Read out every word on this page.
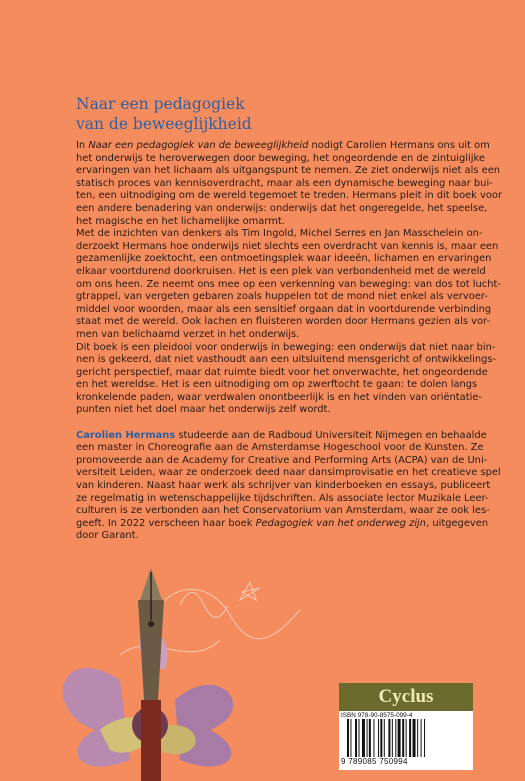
Naar een pedagogiek
van de beweeglijkheid
In Naar een pedagogiek van de beweeglijkheid nodigt Carolien Hermans ons uit om
het onderwijs te heroverwegen door beweging, het ongeordende en de zintuiglijke
ervaringen van het lichaam als uitgangspunt te nemen. Ze ziet onderwijs niet als een
statisch proces van kennisoverdracht, maar als een dynamische beweging naar bui-
ten, een uitnodiging om de wereld tegemoet te treden. Hermans pleit in dit boek voor
een andere benadering van onderwijs: onderwijs dat het ongeregelde, het speelse,
het magische en het lichamelijke omarmt.
Met de inzichten van denkers als Tim Ingold, Michel Serres en Jan Masschelein on-
derzoekt Hermans hoe onderwijs niet slechts een overdracht van kennis is, maar een
gezamenlijke zoektocht, een ontmoetingsplek waar ideeën, lichamen en ervaringen
elkaar voortdurend doorkruisen. Het is een plek van verbondenheid met de wereld
om ons heen. Ze neemt ons mee op een verkenning van beweging: van dos tot lucht-
gtrappel, van vergeten gebaren zoals huppelen tot de mond niet enkel als vervoer-
middel voor woorden, maar als een sensitief orgaan dat in voortdurende verbinding
staat met de wereld. Ook lachen en fluisteren worden door Hermans gezien als vor-
men van belichaamd verzet in het onderwijs.
Dit boek is een pleidooi voor onderwijs in beweging: een onderwijs dat niet naar bin-
nen is gekeerd, dat niet vasthoudt aan een uitsluitend mensgericht of ontwikkelings-
gericht perspectief, maar dat ruimte biedt voor het onverwachte, het ongeordende
en het wereldse. Het is een uitnodiging om op zwerftocht te gaan: te dolen langs
kronkelende paden, waar verdwalen onontbeerlijk is en het vinden van oriëntatie-
punten niet het doel maar het onderwijs zelf wordt.
Carolien Hermans studeerde aan de Radboud Universiteit Nijmegen en behaalde
een master in Choreografie aan de Amsterdamse Hogeschool voor de Kunsten. Ze
promoveerde aan de Academy for Creative and Performing Arts (ACPA) van de Uni-
versiteit Leiden, waar ze onderzoek deed naar dansimprovisatie en het creatieve spel
van kinderen. Naast haar werk als schrijver van kinderboeken en essays, publiceert
ze regelmatig in wetenschappelijke tijdschriften. Als associate lector Muzikale Leer-
culturen is ze verbonden aan het Conservatorium van Amsterdam, waar ze ook les-
geeft. In 2022 verscheen haar boek Pedagogiek van het onderweg zijn, uitgegeven
door Garant.
Cyclus
ISBN 978-90-8575-099-4
9 789085 750994
